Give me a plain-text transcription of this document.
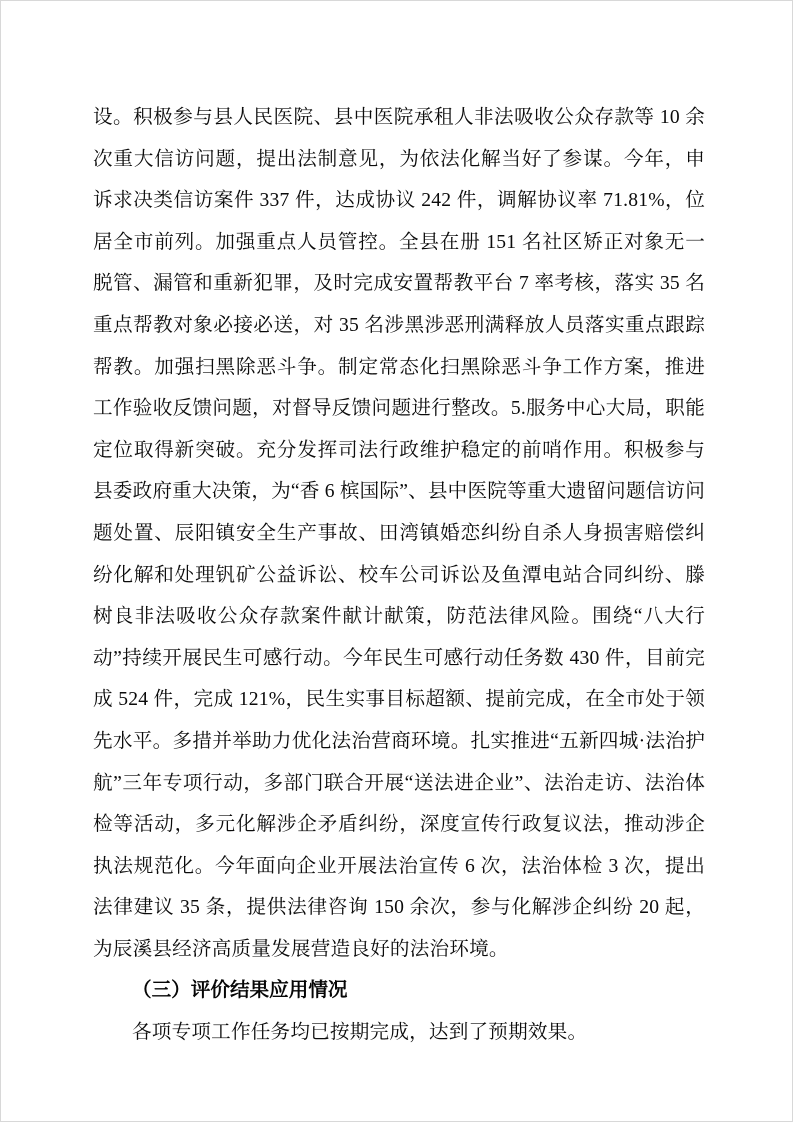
设。积极参与县人民医院、县中医院承租人非法吸收公众存款等 10 余次重大信访问题，提出法制意见，为依法化解当好了参谋。今年，申诉求决类信访案件 337 件，达成协议 242 件，调解协议率 71.81%，位居全市前列。加强重点人员管控。全县在册 151 名社区矫正对象无一脱管、漏管和重新犯罪，及时完成安置帮教平台 7 率考核，落实 35 名重点帮教对象必接必送，对 35 名涉黑涉恶刑满释放人员落实重点跟踪帮教。加强扫黑除恶斗争。制定常态化扫黑除恶斗争工作方案，推进工作验收反馈问题，对督导反馈问题进行整改。5.服务中心大局，职能定位取得新突破。充分发挥司法行政维护稳定的前哨作用。积极参与县委政府重大决策，为“香 6 槟国际”、县中医院等重大遗留问题信访问题处置、辰阳镇安全生产事故、田湾镇婚恋纠纷自杀人身损害赔偿纠纷化解和处理钒矿公益诉讼、校车公司诉讼及鱼潭电站合同纠纷、滕树良非法吸收公众存款案件献计献策，防范法律风险。围绕“八大行动”持续开展民生可感行动。今年民生可感行动任务数 430 件，目前完成 524 件，完成 121%，民生实事目标超额、提前完成，在全市处于领先水平。多措并举助力优化法治营商环境。扎实推进“五新四城·法治护航”三年专项行动，多部门联合开展“送法进企业”、法治走访、法治体检等活动，多元化解涉企矛盾纠纷，深度宣传行政复议法，推动涉企执法规范化。今年面向企业开展法治宣传 6 次，法治体检 3 次，提出法律建议 35 条，提供法律咨询 150 余次，参与化解涉企纠纷 20 起，为辰溪县经济高质量发展营造良好的法治环境。

（三）评价结果应用情况

各项专项工作任务均已按期完成，达到了预期效果。
